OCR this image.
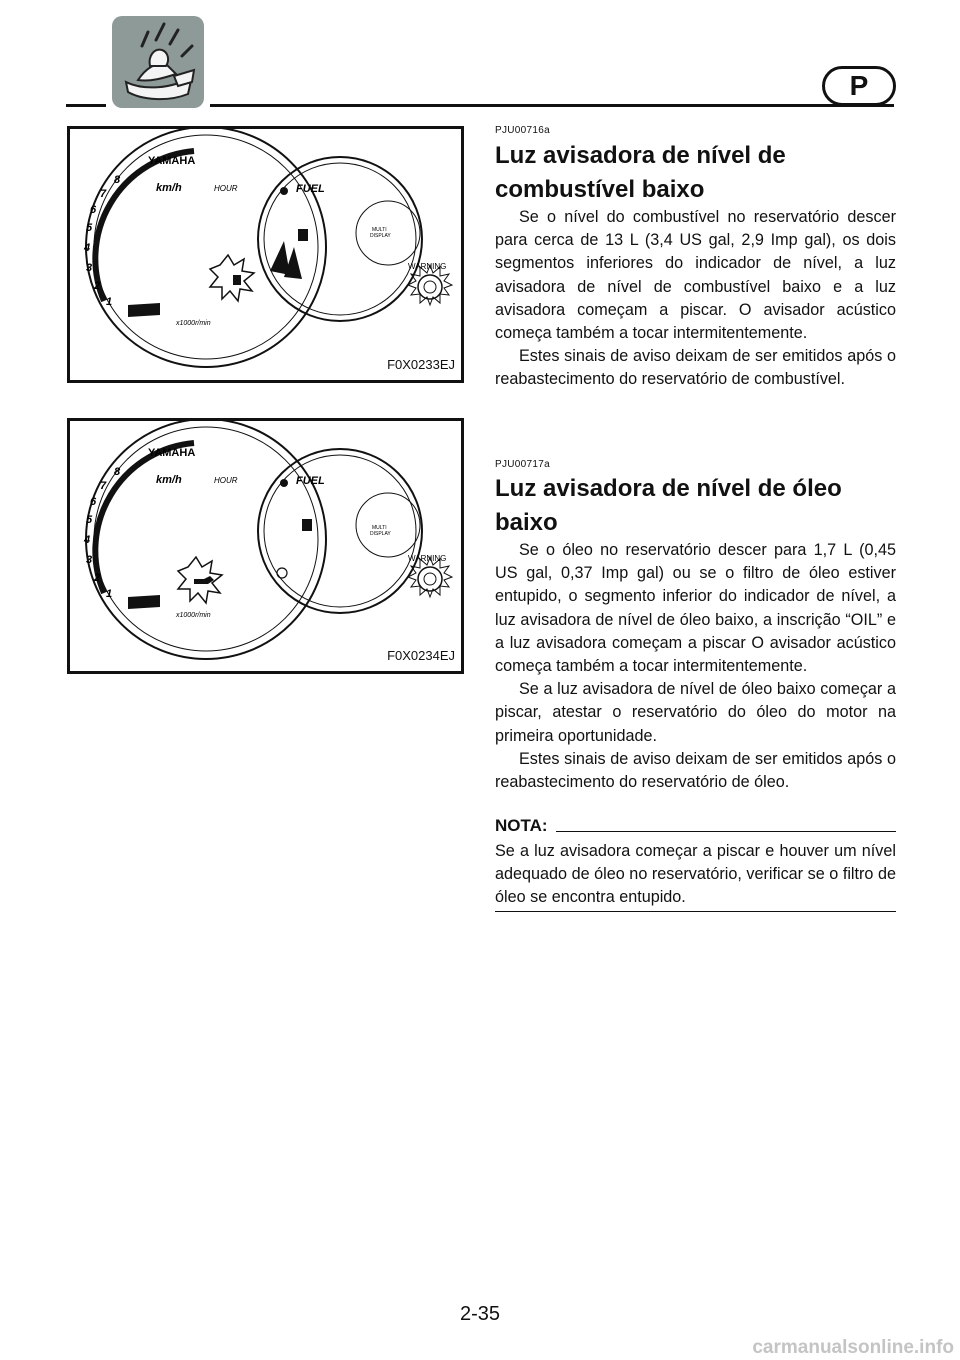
P
YAMAHA
km/h	HOUR	FUEL
MULTI
DISPLAY
WARNING
x1000r/min
1
2
3
4
5
6
7
8
F0X0233EJ
YAMAHA
km/h	HOUR	FUEL
MULTI
DISPLAY
WARNING
x1000r/min
1
2
3
4
5
6
7
8
F0X0234EJ
PJU00716a
Luz avisadora de nível de
combustível baixo

Se o nível do combustível no reservatório descer para cerca de 13 L (3,4 US gal, 2,9 Imp gal), os dois segmentos inferiores do indicador de nível, a luz avisadora de nível de combustível baixo e a luz avisadora começam a piscar. O avisador acústico começa também a tocar intermitentemente.

Estes sinais de aviso deixam de ser emitidos após o reabastecimento do reservatório de combustível.

PJU00717a
Luz avisadora de nível de óleo
baixo

Se o óleo no reservatório descer para 1,7 L (0,45 US gal, 0,37 Imp gal) ou se o filtro de óleo estiver entupido, o segmento inferior do indicador de nível, a luz avisadora de nível de óleo baixo, a inscrição “OIL” e a luz avisadora começam a piscar O avisador acústico começa também a tocar intermitentemente.

Se a luz avisadora de nível de óleo baixo começar a piscar, atestar o reservatório do óleo do motor na primeira oportunidade.

Estes sinais de aviso deixam de ser emitidos após o reabastecimento do reservatório de óleo.

NOTA:

Se a luz avisadora começar a piscar e houver um nível adequado de óleo no reservatório, verificar se o filtro de óleo se encontra entupido.

2-35
carmanualsonline.info
